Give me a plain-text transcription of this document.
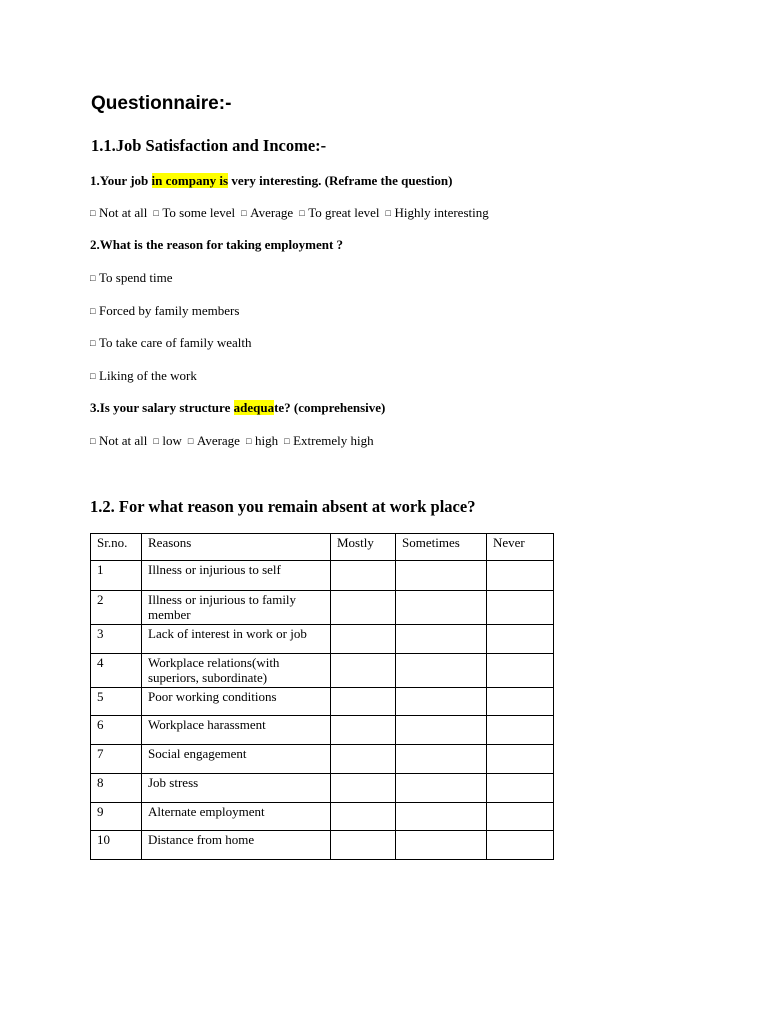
Questionnaire:-
1.1.Job Satisfaction and Income:-

1.Your job in company is very interesting. (Reframe the question)

□Not at all □ To some level □ Average □ To great level □ Highly interesting

2.What is the reason for taking employment ?

□To spend time

□Forced by family members

□To take care of family wealth

□Liking of the work

3.Is your salary structure adequate? (comprehensive)

□Not at all □ low □ Average □ high □ Extremely high

1.2. For what reason you remain absent at work place?
Sr.no.	Reasons	Mostly	Sometimes	Never
1	Illness or injurious to self			
2	Illness or injurious to family member			
3	Lack of interest in work or job			
4	Workplace relations(with superiors, subordinate)			
5	Poor working conditions			
6	Workplace harassment			
7	Social engagement			
8	Job stress			
9	Alternate employment			
10	Distance from home			
